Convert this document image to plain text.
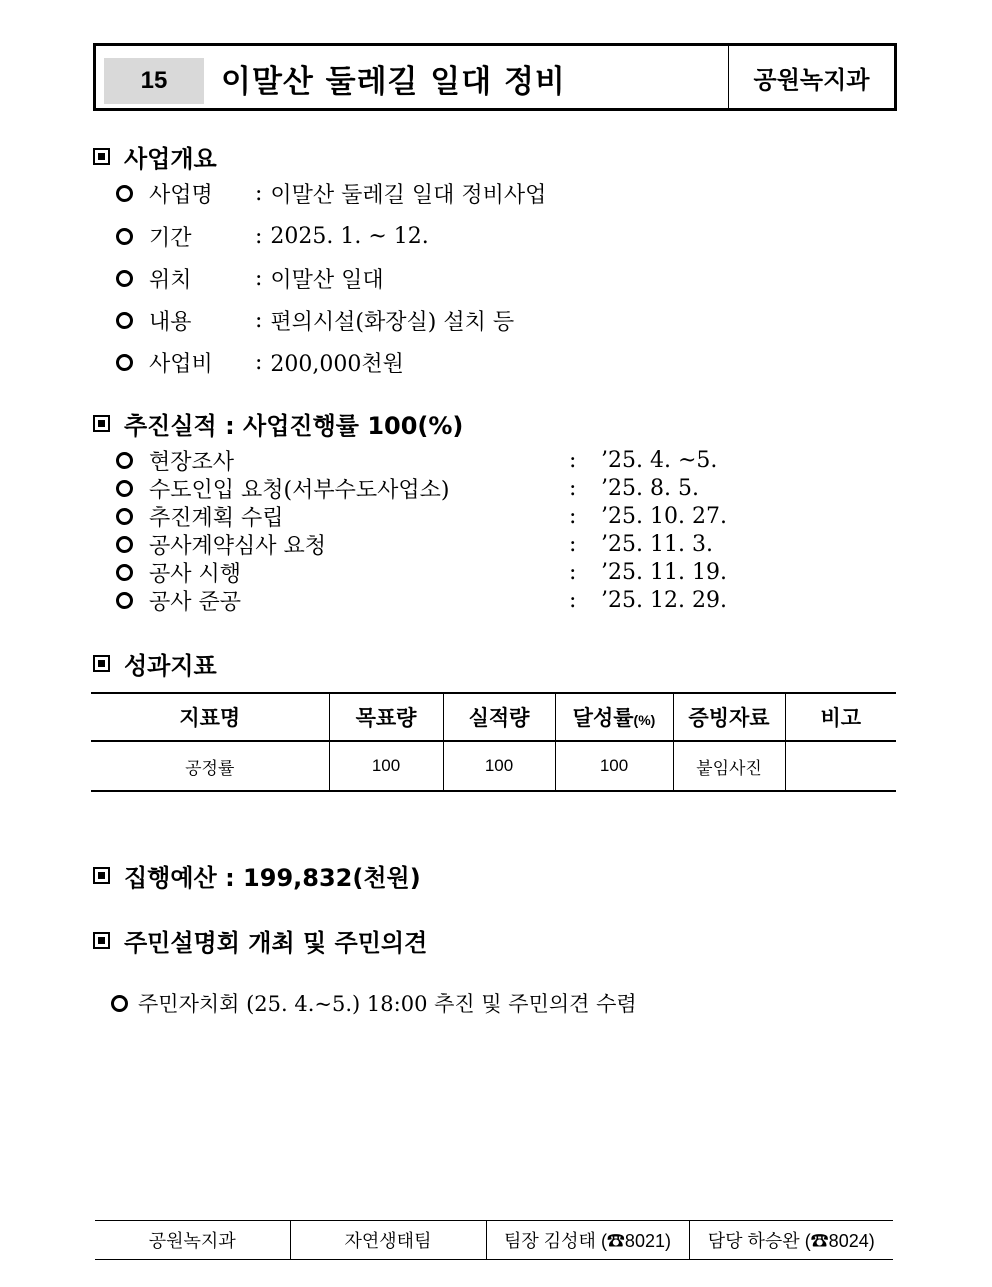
15	이말산 둘레길 일대 정비	공원녹지과
사업개요
사업명	: 이말산 둘레길 일대 정비사업
기간	: 2025. 1. ~ 12.
위치	: 이말산 일대
내용	: 편의시설(화장실) 설치 등
사업비	: 200,000천원
추진실적 : 사업진행률 100(%)
현장조사	:	’25. 4. ~5.
수도인입 요청(서부수도사업소)	:	’25. 8. 5.
추진계획 수립	:	’25. 10. 27.
공사계약심사 요청	:	’25. 11. 3.
공사 시행	:	’25. 11. 19.
공사 준공	:	’25. 12. 29.
성과지표
지표명	목표량	실적량	달성률(%)	증빙자료	비고
공정률	100	100	100	붙임사진	
집행예산 : 199,832(천원)
주민설명회 개최 및 주민의견
주민자치회 (25. 4.~5.) 18:00 추진 및 주민의견 수렴
공원녹지과	자연생태팀	팀장 김성태 (☎8021)	담당 하승완 (☎8024)
